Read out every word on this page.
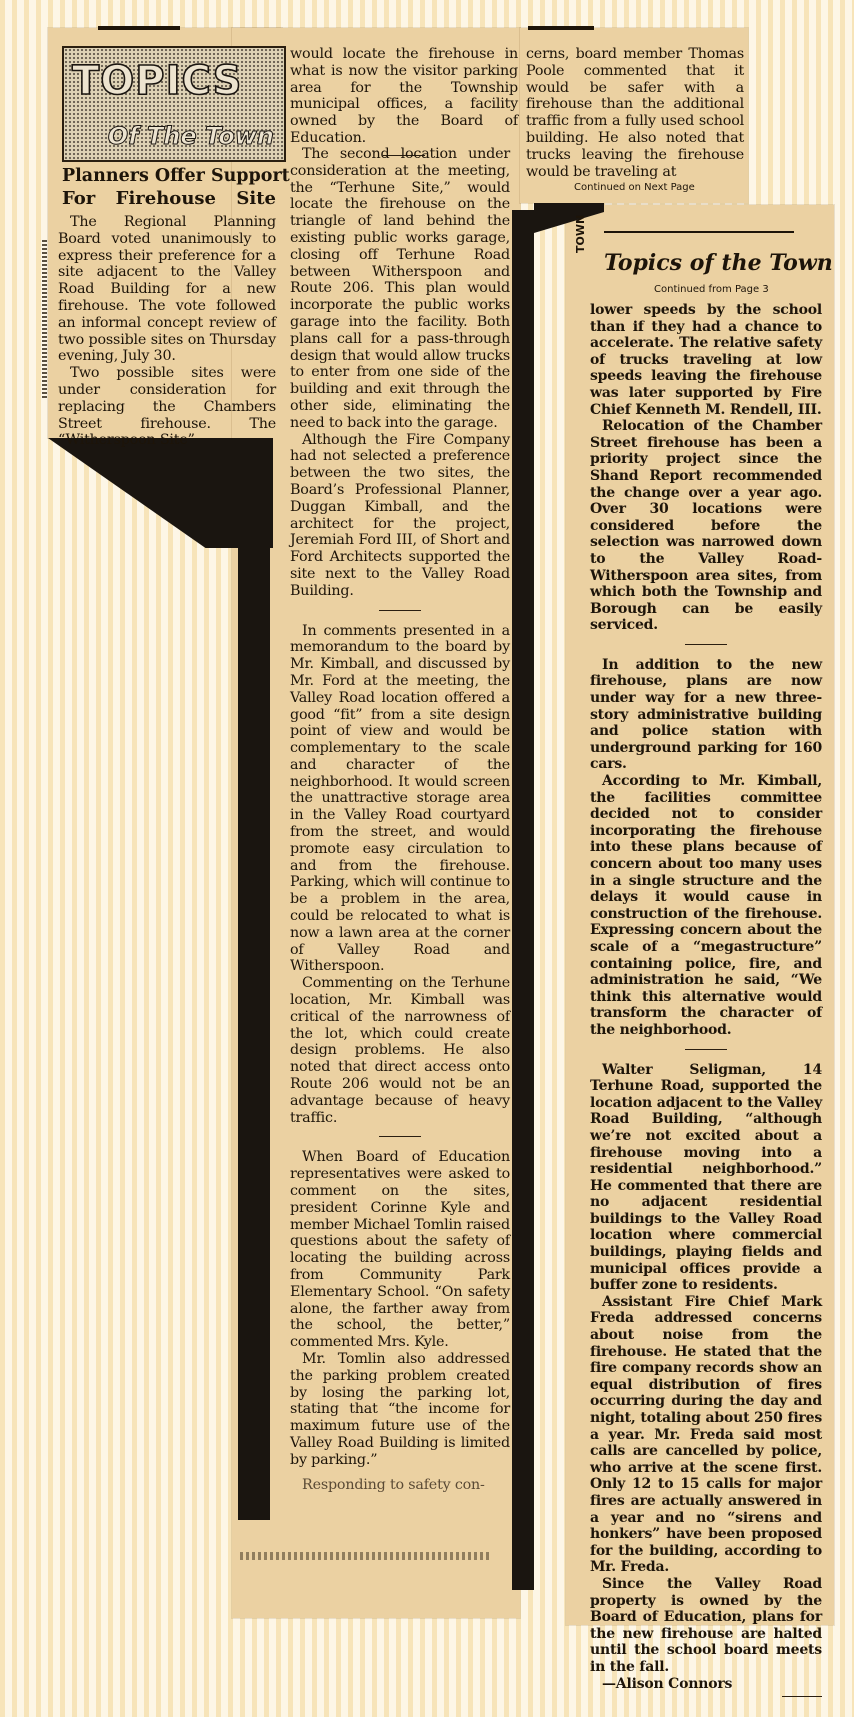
TOPICS
Of The Town
Planners Offer Support
For Firehouse Site

The Regional Planning Board voted unanimously to express their preference for a site adjacent to the Valley Road Building for a new firehouse. The vote followed an informal concept review of two possible sites on Thursday evening, July 30.

Two possible sites were under consideration for replacing the Chambers Street firehouse. The “Witherspoon Site”

would locate the firehouse in what is now the visitor parking area for the Township municipal offices, a facility owned by the Board of Education.

cerns, board member Thomas Poole commented that it would be safer with a firehouse than the additional traffic from a fully used school building. He also noted that trucks leaving the firehouse would be traveling at

Continued on Next Page

The second location under consideration at the meeting, the “Terhune Site,” would locate the firehouse on the triangle of land behind the existing public works garage, closing off Terhune Road between Witherspoon and Route 206. This plan would incorporate the public works garage into the facility. Both plans call for a pass-through design that would allow trucks to enter from one side of the building and exit through the other side, eliminating the need to back into the garage.

Although the Fire Company had not selected a preference between the two sites, the Board’s Professional Planner, Duggan Kimball, and the architect for the project, Jeremiah Ford III, of Short and Ford Architects supported the site next to the Valley Road Building.

In comments presented in a memorandum to the board by Mr. Kimball, and discussed by Mr. Ford at the meeting, the Valley Road location offered a good “fit” from a site design point of view and would be complementary to the scale and character of the neighborhood. It would screen the unattractive storage area in the Valley Road courtyard from the street, and would promote easy circulation to and from the firehouse. Parking, which will continue to be a problem in the area, could be relocated to what is now a lawn area at the corner of Valley Road and Witherspoon.

Commenting on the Terhune location, Mr. Kimball was critical of the narrowness of the lot, which could create design problems. He also noted that direct access onto Route 206 would not be an advantage because of heavy traffic.

When Board of Education representatives were asked to comment on the sites, president Corinne Kyle and member Michael Tomlin raised questions about the safety of locating the building across from Community Park Elementary School. “On safety alone, the farther away from the school, the better,” commented Mrs. Kyle.

Mr. Tomlin also addressed the parking problem created by losing the parking lot, stating that “the income for maximum future use of the Valley Road Building is limited by parking.”

Responding to safety con-

TOWN
Topics of the Town
Continued from Page 3

lower speeds by the school than if they had a chance to accelerate. The relative safety of trucks traveling at low speeds leaving the firehouse was later supported by Fire Chief Kenneth M. Rendell, III.

Relocation of the Chamber Street firehouse has been a priority project since the Shand Report recommended the change over a year ago. Over 30 locations were considered before the selection was narrowed down to the Valley Road-Witherspoon area sites, from which both the Township and Borough can be easily serviced.

In addition to the new firehouse, plans are now under way for a new three-story administrative building and police station with underground parking for 160 cars.

According to Mr. Kimball, the facilities committee decided not to consider incorporating the firehouse into these plans because of concern about too many uses in a single structure and the delays it would cause in construction of the firehouse. Expressing concern about the scale of a “megastructure” containing police, fire, and administration he said, “We think this alternative would transform the character of the neighborhood.

Walter Seligman, 14 Terhune Road, supported the location adjacent to the Valley Road Building, “although we’re not excited about a firehouse moving into a residential neighborhood.” He commented that there are no adjacent residential buildings to the Valley Road location where commercial buildings, playing fields and municipal offices provide a buffer zone to residents.

Assistant Fire Chief Mark Freda addressed concerns about noise from the firehouse. He stated that the fire company records show an equal distribution of fires occurring during the day and night, totaling about 250 fires a year. Mr. Freda said most calls are cancelled by police, who arrive at the scene first. Only 12 to 15 calls for major fires are actually answered in a year and no “sirens and honkers” have been proposed for the building, according to Mr. Freda.

Since the Valley Road property is owned by the Board of Education, plans for the new firehouse are halted until the school board meets in the fall.

—Alison Connors
